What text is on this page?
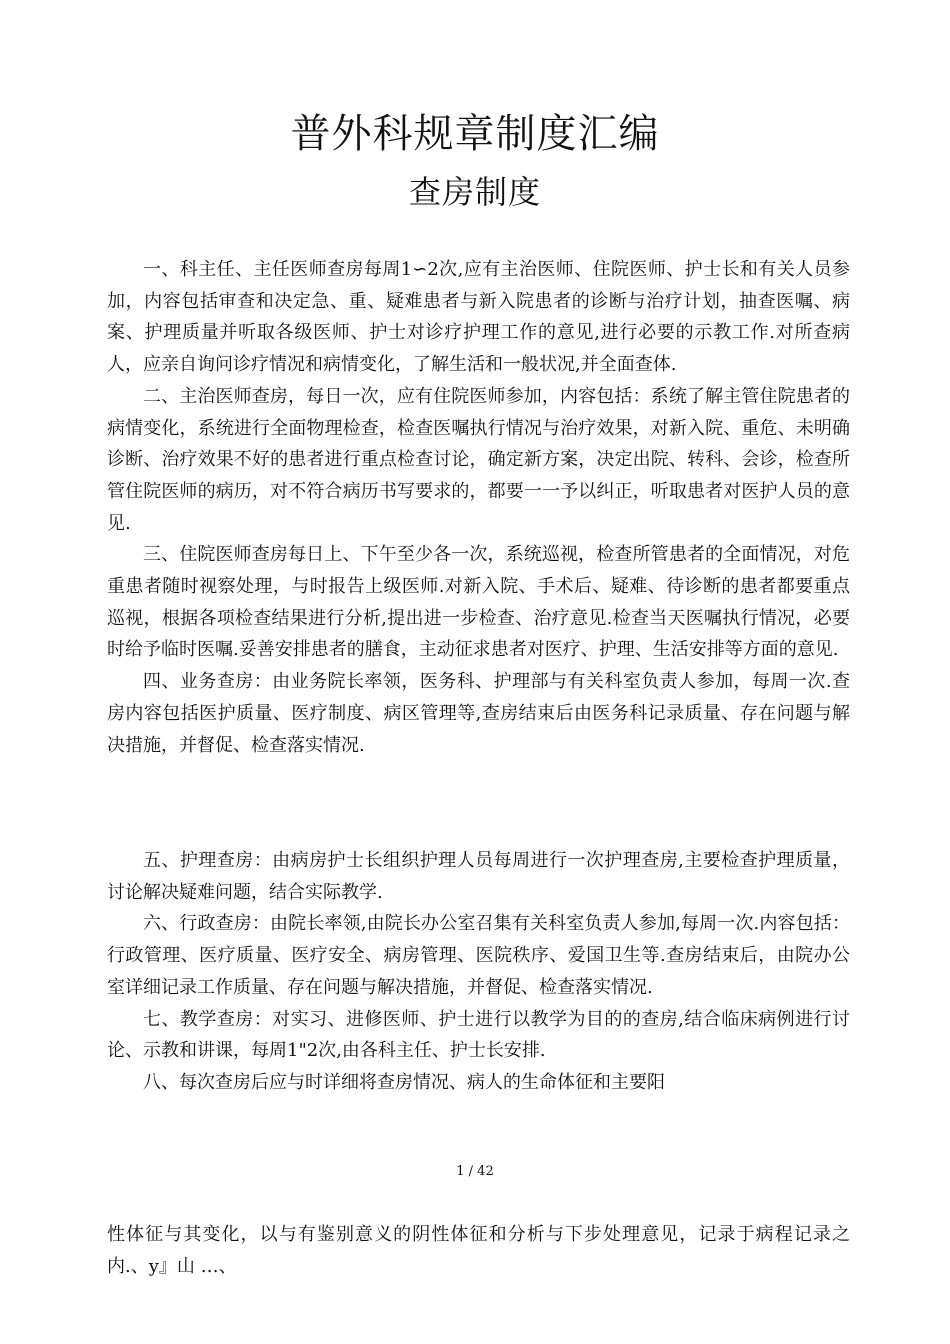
普外科规章制度汇编
查房制度

一、科主任、主任医师查房每周1∽2次,应有主治医师、住院医师、护士长和有关人员参加，内容包括审查和决定急、重、疑难患者与新入院患者的诊断与治疗计划，抽查医嘱、病案、护理质量并听取各级医师、护士对诊疗护理工作的意见,进行必要的示教工作.对所查病人，应亲自询问诊疗情况和病情变化，了解生活和一般状况,并全面查体.

二、主治医师查房，每日一次，应有住院医师参加，内容包括：系统了解主管住院患者的病情变化，系统进行全面物理检查，检查医嘱执行情况与治疗效果，对新入院、重危、未明确诊断、治疗效果不好的患者进行重点检查讨论，确定新方案，决定出院、转科、会诊，检查所管住院医师的病历，对不符合病历书写要求的，都要一一予以纠正，听取患者对医护人员的意见.

三、住院医师查房每日上、下午至少各一次，系统巡视，检查所管患者的全面情况，对危重患者随时视察处理，与时报告上级医师.对新入院、手术后、疑难、待诊断的患者都要重点巡视，根据各项检查结果进行分析,提出进一步检查、治疗意见.检查当天医嘱执行情况，必要时给予临时医嘱.妥善安排患者的膳食，主动征求患者对医疗、护理、生活安排等方面的意见.

四、业务查房：由业务院长率领，医务科、护理部与有关科室负责人参加，每周一次.查房内容包括医护质量、医疗制度、病区管理等,查房结束后由医务科记录质量、存在问题与解决措施，并督促、检查落实情况.

五、护理查房：由病房护士长组织护理人员每周进行一次护理查房,主要检查护理质量，讨论解决疑难问题，结合实际教学.

六、行政查房：由院长率领,由院长办公室召集有关科室负责人参加,每周一次.内容包括：行政管理、医疗质量、医疗安全、病房管理、医院秩序、爱国卫生等.查房结束后，由院办公室详细记录工作质量、存在问题与解决措施，并督促、检查落实情况.

七、教学查房：对实习、进修医师、护士进行以教学为目的的查房,结合临床病例进行讨论、示教和讲课，每周1"2次,由各科主任、护士长安排.

八、每次查房后应与时详细将查房情况、病人的生命体征和主要阳

1 / 42

性体征与其变化，以与有鉴别意义的阴性体征和分析与下步处理意见，记录于病程记录之内.、y』山 …、
